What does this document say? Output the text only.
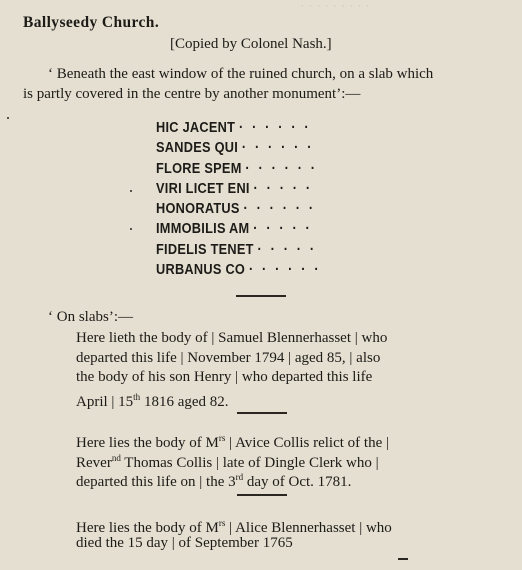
· · · · · · · · ·
Ballyseedy Church.
[Copied by Colonel Nash.]
‘ Beneath the east window of the ruined church, on a slab which
is partly covered in the centre by another monument’:—
HIC JACENT · · · · · ·
SANDES QUI · · · · · ·
FLORE SPEM · · · · · ·
VIRI LICET ENI · · · · ·
HONORATUS · · · · · ·
IMMOBILIS AM · · · · ·
FIDELIS TENET · · · · ·
URBANUS CO · · · · · ·
‘ On slabs’:—
Here lieth the body of | Samuel Blennerhasset | who
departed this life | November 1794 | aged 85, | also
the body of his son Henry | who departed this life
April | 15th 1816 aged 82.
Here lies the body of $M^{rs}$ | Avice Collis relict of the |
Rever$^{nd}$ Thomas Collis | late of Dingle Clerk who |
departed this life on | the 3rd day of Oct. 1781.
Here lies the body of $M^{rs}$ | Alice Blennerhasset | who
died the 15 day | of September 1765
